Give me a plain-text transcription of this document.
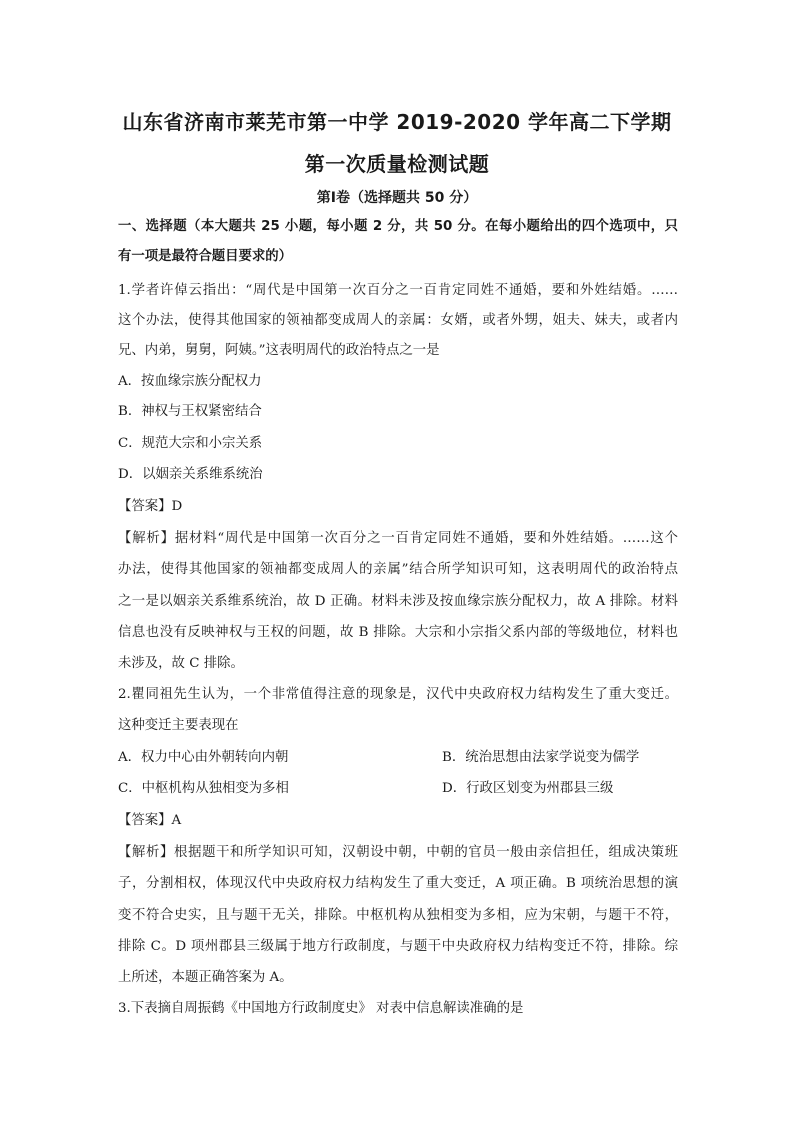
山东省济南市莱芜市第一中学 2019-2020 学年高二下学期
第一次质量检测试题
第Ⅰ卷（选择题共 50 分）
一、选择题（本大题共 25 小题，每小题 2 分，共 50 分。在每小题给出的四个选项中，只
有一项是最符合题目要求的）
1.学者许倬云指出：“周代是中国第一次百分之一百肯定同姓不通婚，要和外姓结婚。……
这个办法，使得其他国家的领袖都变成周人的亲属：女婿，或者外甥，姐夫、妹夫，或者内
兄、内弟，舅舅，阿姨。”这表明周代的政治特点之一是
A．按血缘宗族分配权力
B．神权与王权紧密结合
C．规范大宗和小宗关系
D．以姻亲关系维系统治
【答案】D
【解析】据材料“周代是中国第一次百分之一百肯定同姓不通婚，要和外姓结婚。……这个
办法，使得其他国家的领袖都变成周人的亲属”结合所学知识可知，这表明周代的政治特点
之一是以姻亲关系维系统治，故 D 正确。材料未涉及按血缘宗族分配权力，故 A 排除。材料
信息也没有反映神权与王权的问题，故 B 排除。大宗和小宗指父系内部的等级地位，材料也
未涉及，故 C 排除。
2.瞿同祖先生认为，一个非常值得注意的现象是，汉代中央政府权力结构发生了重大变迁。
这种变迁主要表现在
A．权力中心由外朝转向内朝	B．统治思想由法家学说变为儒学
C．中枢机构从独相变为多相	D．行政区划变为州郡县三级
【答案】A
【解析】根据题干和所学知识可知，汉朝设中朝，中朝的官员一般由亲信担任，组成决策班
子，分割相权，体现汉代中央政府权力结构发生了重大变迁，A 项正确。B 项统治思想的演
变不符合史实，且与题干无关，排除。中枢机构从独相变为多相，应为宋朝，与题干不符，
排除 C。D 项州郡县三级属于地方行政制度，与题干中央政府权力结构变迁不符，排除。综
上所述，本题正确答案为 A。
3.下表摘自周振鹤《中国地方行政制度史》 对表中信息解读准确的是
